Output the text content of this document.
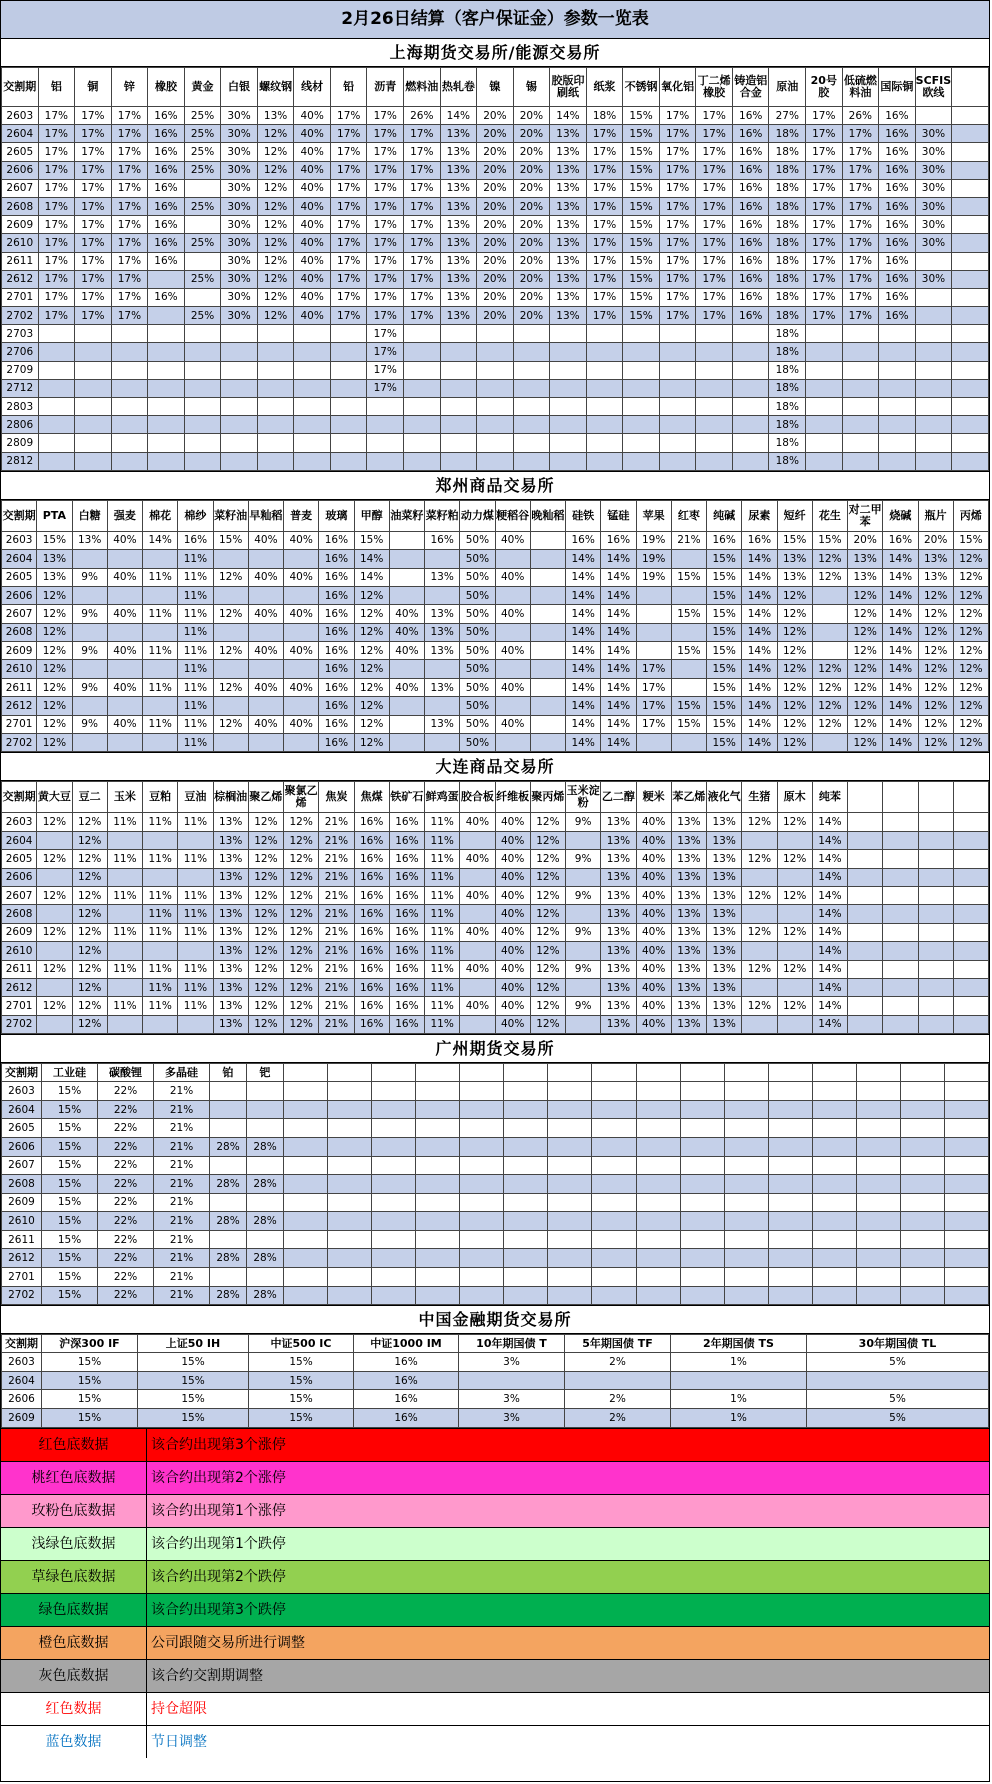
2月26日结算（客户保证金）参数一览表
上海期货交易所/能源交易所
交割期	铝	铜	锌	橡胶	黄金	白银	螺纹钢	线材	铅	沥青	燃料油	热轧卷	镍	锡	胶版印刷纸	纸浆	不锈钢	氧化铝	丁二烯橡胶	铸造铝合金	原油	20号胶	低硫燃料油	国际铜	SCFIS欧线	
2603	17%	17%	17%	16%	25%	30%	13%	40%	17%	17%	26%	14%	20%	20%	14%	18%	15%	17%	17%	16%	27%	17%	26%	16%		
2604	17%	17%	17%	16%	25%	30%	12%	40%	17%	17%	17%	13%	20%	20%	13%	17%	15%	17%	17%	16%	18%	17%	17%	16%	30%	
2605	17%	17%	17%	16%	25%	30%	12%	40%	17%	17%	17%	13%	20%	20%	13%	17%	15%	17%	17%	16%	18%	17%	17%	16%	30%	
2606	17%	17%	17%	16%	25%	30%	12%	40%	17%	17%	17%	13%	20%	20%	13%	17%	15%	17%	17%	16%	18%	17%	17%	16%	30%	
2607	17%	17%	17%	16%		30%	12%	40%	17%	17%	17%	13%	20%	20%	13%	17%	15%	17%	17%	16%	18%	17%	17%	16%	30%	
2608	17%	17%	17%	16%	25%	30%	12%	40%	17%	17%	17%	13%	20%	20%	13%	17%	15%	17%	17%	16%	18%	17%	17%	16%	30%	
2609	17%	17%	17%	16%		30%	12%	40%	17%	17%	17%	13%	20%	20%	13%	17%	15%	17%	17%	16%	18%	17%	17%	16%	30%	
2610	17%	17%	17%	16%	25%	30%	12%	40%	17%	17%	17%	13%	20%	20%	13%	17%	15%	17%	17%	16%	18%	17%	17%	16%	30%	
2611	17%	17%	17%	16%		30%	12%	40%	17%	17%	17%	13%	20%	20%	13%	17%	15%	17%	17%	16%	18%	17%	17%	16%		
2612	17%	17%	17%		25%	30%	12%	40%	17%	17%	17%	13%	20%	20%	13%	17%	15%	17%	17%	16%	18%	17%	17%	16%	30%	
2701	17%	17%	17%	16%		30%	12%	40%	17%	17%	17%	13%	20%	20%	13%	17%	15%	17%	17%	16%	18%	17%	17%	16%		
2702	17%	17%	17%		25%	30%	12%	40%	17%	17%	17%	13%	20%	20%	13%	17%	15%	17%	17%	16%	18%	17%	17%	16%		
2703										17%											18%					
2706										17%											18%					
2709										17%											18%					
2712										17%											18%					
2803																					18%					
2806																					18%					
2809																					18%					
2812																					18%					
郑州商品交易所
交割期	PTA	白糖	强麦	棉花	棉纱	菜籽油	早籼稻	普麦	玻璃	甲醇	油菜籽	菜籽粕	动力煤	粳稻谷	晚籼稻	硅铁	锰硅	苹果	红枣	纯碱	尿素	短纤	花生	对二甲苯	烧碱	瓶片	丙烯
2603	15%	13%	40%	14%	16%	15%	40%	40%	16%	15%		16%	50%	40%		16%	16%	19%	21%	16%	16%	15%	15%	20%	16%	20%	15%
2604	13%				11%				16%	14%			50%			14%	14%	19%		15%	14%	13%	12%	13%	14%	13%	12%
2605	13%	9%	40%	11%	11%	12%	40%	40%	16%	14%		13%	50%	40%		14%	14%	19%	15%	15%	14%	13%	12%	13%	14%	13%	12%
2606	12%				11%				16%	12%			50%			14%	14%			15%	14%	12%		12%	14%	12%	12%
2607	12%	9%	40%	11%	11%	12%	40%	40%	16%	12%	40%	13%	50%	40%		14%	14%		15%	15%	14%	12%		12%	14%	12%	12%
2608	12%				11%				16%	12%	40%	13%	50%			14%	14%			15%	14%	12%		12%	14%	12%	12%
2609	12%	9%	40%	11%	11%	12%	40%	40%	16%	12%	40%	13%	50%	40%		14%	14%		15%	15%	14%	12%		12%	14%	12%	12%
2610	12%				11%				16%	12%			50%			14%	14%	17%		15%	14%	12%	12%	12%	14%	12%	12%
2611	12%	9%	40%	11%	11%	12%	40%	40%	16%	12%	40%	13%	50%	40%		14%	14%	17%		15%	14%	12%	12%	12%	14%	12%	12%
2612	12%				11%				16%	12%			50%			14%	14%	17%	15%	15%	14%	12%	12%	12%	14%	12%	12%
2701	12%	9%	40%	11%	11%	12%	40%	40%	16%	12%		13%	50%	40%		14%	14%	17%	15%	15%	14%	12%	12%	12%	14%	12%	12%
2702	12%				11%				16%	12%			50%			14%	14%			15%	14%	12%		12%	14%	12%	12%
大连商品交易所
交割期	黄大豆	豆二	玉米	豆粕	豆油	棕榈油	聚乙烯	聚氯乙烯	焦炭	焦煤	铁矿石	鲜鸡蛋	胶合板	纤维板	聚丙烯	玉米淀粉	乙二醇	粳米	苯乙烯	液化气	生猪	原木	纯苯				
2603	12%	12%	11%	11%	11%	13%	12%	12%	21%	16%	16%	11%	40%	40%	12%	9%	13%	40%	13%	13%	12%	12%	14%				
2604		12%				13%	12%	12%	21%	16%	16%	11%		40%	12%		13%	40%	13%	13%			14%				
2605	12%	12%	11%	11%	11%	13%	12%	12%	21%	16%	16%	11%	40%	40%	12%	9%	13%	40%	13%	13%	12%	12%	14%				
2606		12%				13%	12%	12%	21%	16%	16%	11%		40%	12%		13%	40%	13%	13%			14%				
2607	12%	12%	11%	11%	11%	13%	12%	12%	21%	16%	16%	11%	40%	40%	12%	9%	13%	40%	13%	13%	12%	12%	14%				
2608		12%		11%	11%	13%	12%	12%	21%	16%	16%	11%		40%	12%		13%	40%	13%	13%			14%				
2609	12%	12%	11%	11%	11%	13%	12%	12%	21%	16%	16%	11%	40%	40%	12%	9%	13%	40%	13%	13%	12%	12%	14%				
2610		12%				13%	12%	12%	21%	16%	16%	11%		40%	12%		13%	40%	13%	13%			14%				
2611	12%	12%	11%	11%	11%	13%	12%	12%	21%	16%	16%	11%	40%	40%	12%	9%	13%	40%	13%	13%	12%	12%	14%				
2612		12%		11%	11%	13%	12%	12%	21%	16%	16%	11%		40%	12%		13%	40%	13%	13%			14%				
2701	12%	12%	11%	11%	11%	13%	12%	12%	21%	16%	16%	11%	40%	40%	12%	9%	13%	40%	13%	13%	12%	12%	14%				
2702		12%				13%	12%	12%	21%	16%	16%	11%		40%	12%		13%	40%	13%	13%			14%				
广州期货交易所
交割期	工业硅	碳酸锂	多晶硅	铂	钯																
2603	15%	22%	21%																		
2604	15%	22%	21%																		
2605	15%	22%	21%																		
2606	15%	22%	21%	28%	28%																
2607	15%	22%	21%																		
2608	15%	22%	21%	28%	28%																
2609	15%	22%	21%																		
2610	15%	22%	21%	28%	28%																
2611	15%	22%	21%																		
2612	15%	22%	21%	28%	28%																
2701	15%	22%	21%																		
2702	15%	22%	21%	28%	28%																
中国金融期货交易所
交割期	沪深300 IF	上证50 IH	中证500 IC	中证1000 IM	10年期国债 T	5年期国债 TF	2年期国债 TS	30年期国债 TL
2603	15%	15%	15%	16%	3%	2%	1%	5%
2604	15%	15%	15%	16%				
2606	15%	15%	15%	16%	3%	2%	1%	5%
2609	15%	15%	15%	16%	3%	2%	1%	5%
红色底数据	该合约出现第3个涨停
桃红色底数据	该合约出现第2个涨停
玫粉色底数据	该合约出现第1个涨停
浅绿色底数据	该合约出现第1个跌停
草绿色底数据	该合约出现第2个跌停
绿色底数据	该合约出现第3个跌停
橙色底数据	公司跟随交易所进行调整
灰色底数据	该合约交割期调整
红色数据	持仓超限
蓝色数据	节日调整
